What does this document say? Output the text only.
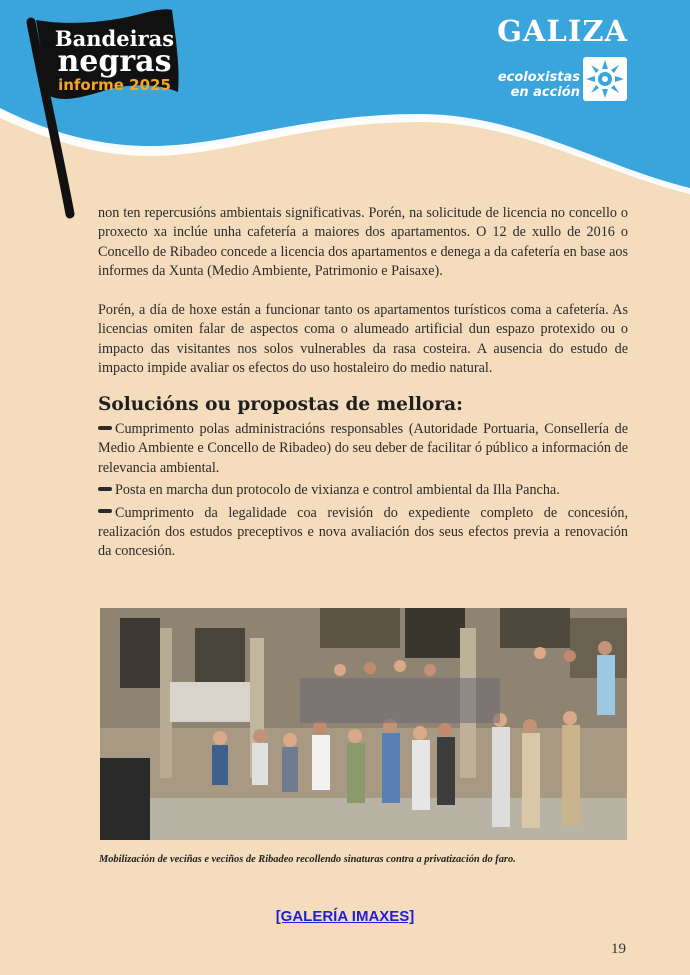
Bandeiras
negras
informe 2025
GALIZA
ecoloxistas
en acción

non ten repercusións ambientais significativas. Porén, na solicitude de licencia no concello o proxecto xa inclúe unha cafetería a maiores dos apartamentos. O 12 de xullo de 2016 o Concello de Ribadeo concede a licencia dos apartamentos e denega a da cafetería en base aos informes da Xunta (Medio Ambiente, Patrimonio e Paisaxe).

Porén, a día de hoxe están a funcionar tanto os apartamentos turísticos coma a cafetería. As licencias omiten falar de aspectos coma o alumeado artificial dun espazo protexido ou o impacto das visitantes nos solos vulnerables da rasa costeira. A ausencia do estudo de impacto impide avaliar os efectos do uso hostaleiro do medio natural.

Solucións ou propostas de mellora:

Cumprimento polas administracións responsables (Autoridade Portuaria, Consellería de Medio Ambiente e Concello de Ribadeo) do seu deber de facilitar ó público a información de relevancia ambiental.

Posta en marcha dun protocolo de vixianza e control ambiental da Illa Pancha.

Cumprimento da legalidade coa revisión do expediente completo de concesión, realización dos estudos preceptivos e nova avaliación dos seus efectos previa a renovación da concesión.

Mobilización de veciñas e veciños de Ribadeo recollendo sinaturas contra a privatización do faro.
[GALERÍA IMAXES]
19
